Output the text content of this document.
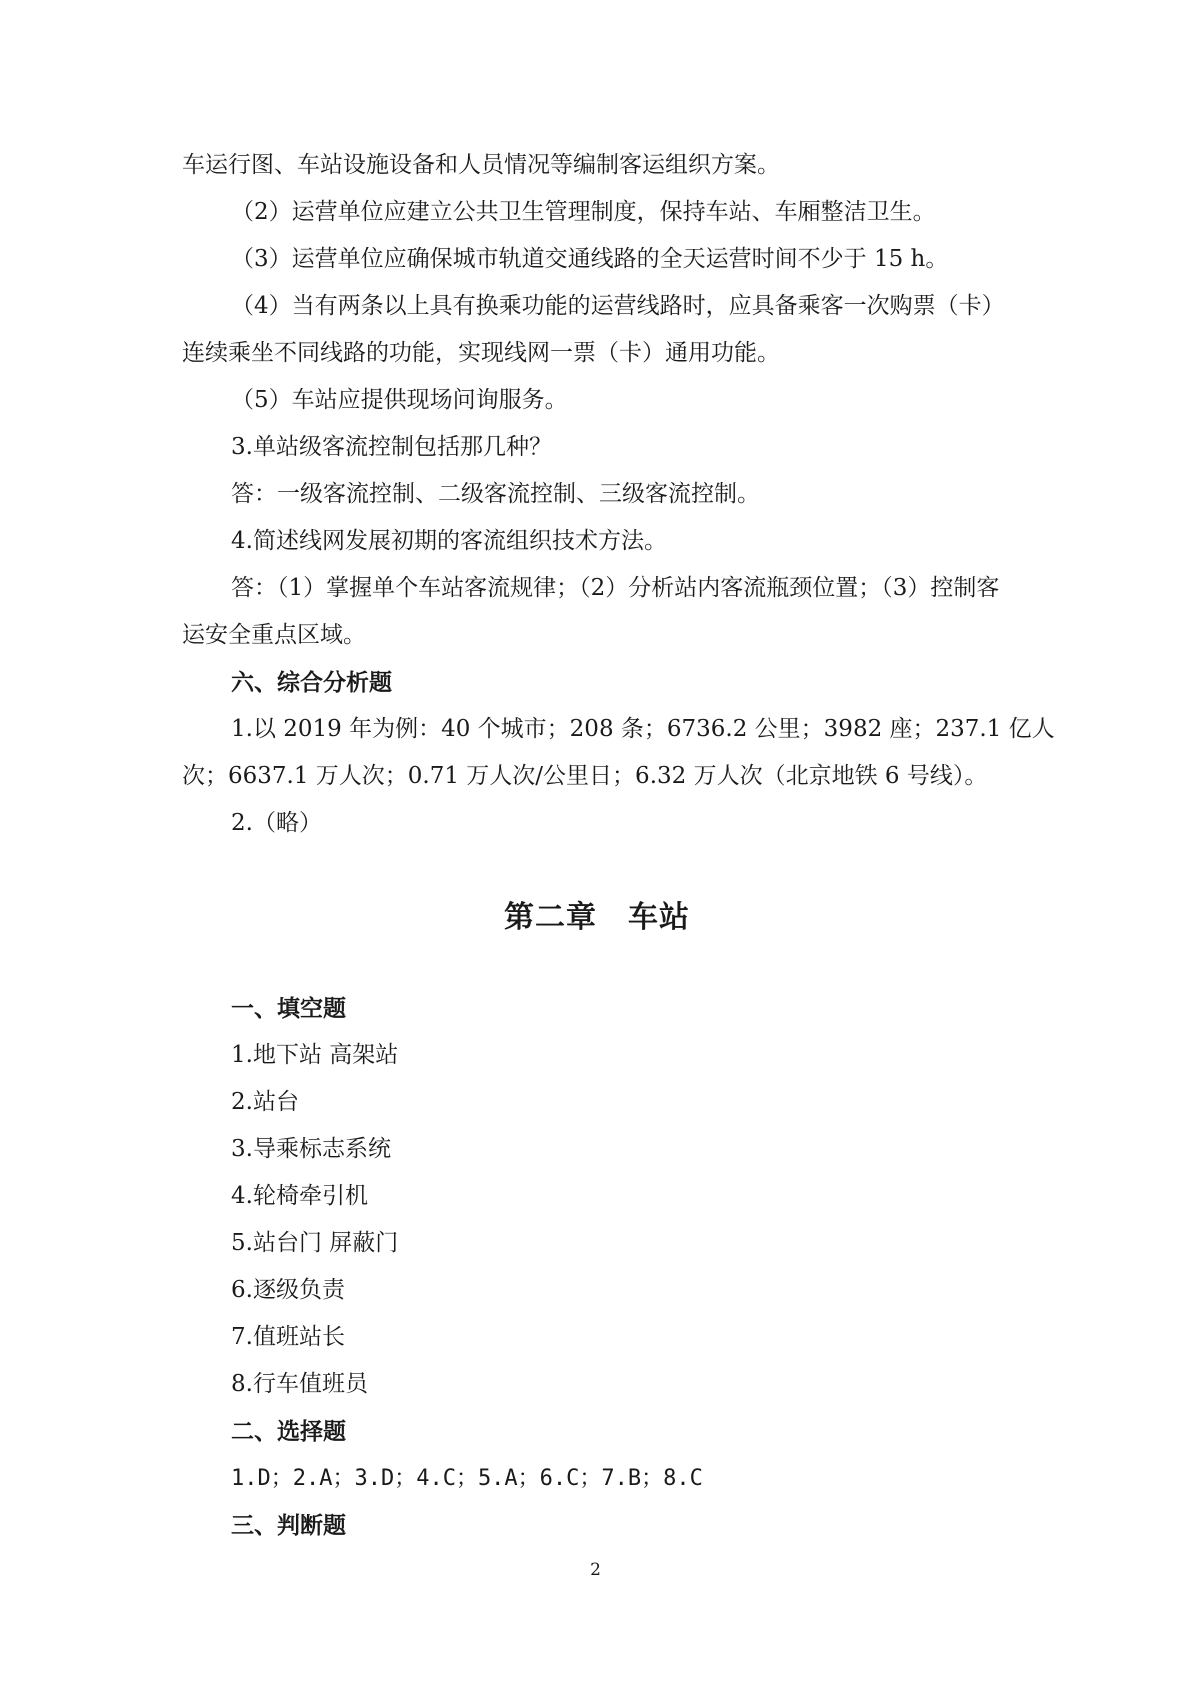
车运行图、车站设施设备和人员情况等编制客运组织方案。
（2）运营单位应建立公共卫生管理制度，保持车站、车厢整洁卫生。
（3）运营单位应确保城市轨道交通线路的全天运营时间不少于 15 h。
（4）当有两条以上具有换乘功能的运营线路时，应具备乘客一次购票（卡）
连续乘坐不同线路的功能，实现线网一票（卡）通用功能。
（5）车站应提供现场问询服务。
3.单站级客流控制包括那几种？
答：一级客流控制、二级客流控制、三级客流控制。
4.简述线网发展初期的客流组织技术方法。
答：（1）掌握单个车站客流规律；（2）分析站内客流瓶颈位置；（3）控制客
运安全重点区域。
六、综合分析题
1.以 2019 年为例：40 个城市；208 条；6736.2 公里；3982 座；237.1 亿人
次；6637.1 万人次；0.71 万人次/公里日；6.32 万人次（北京地铁 6 号线）。
2.（略）
第二章　车站
一、填空题
1.地下站 高架站
2.站台
3.导乘标志系统
4.轮椅牵引机
5.站台门 屏蔽门
6.逐级负责
7.值班站长
8.行车值班员
二、选择题
1.D；2.A；3.D；4.C；5.A；6.C；7.B；8.C
三、判断题
2
